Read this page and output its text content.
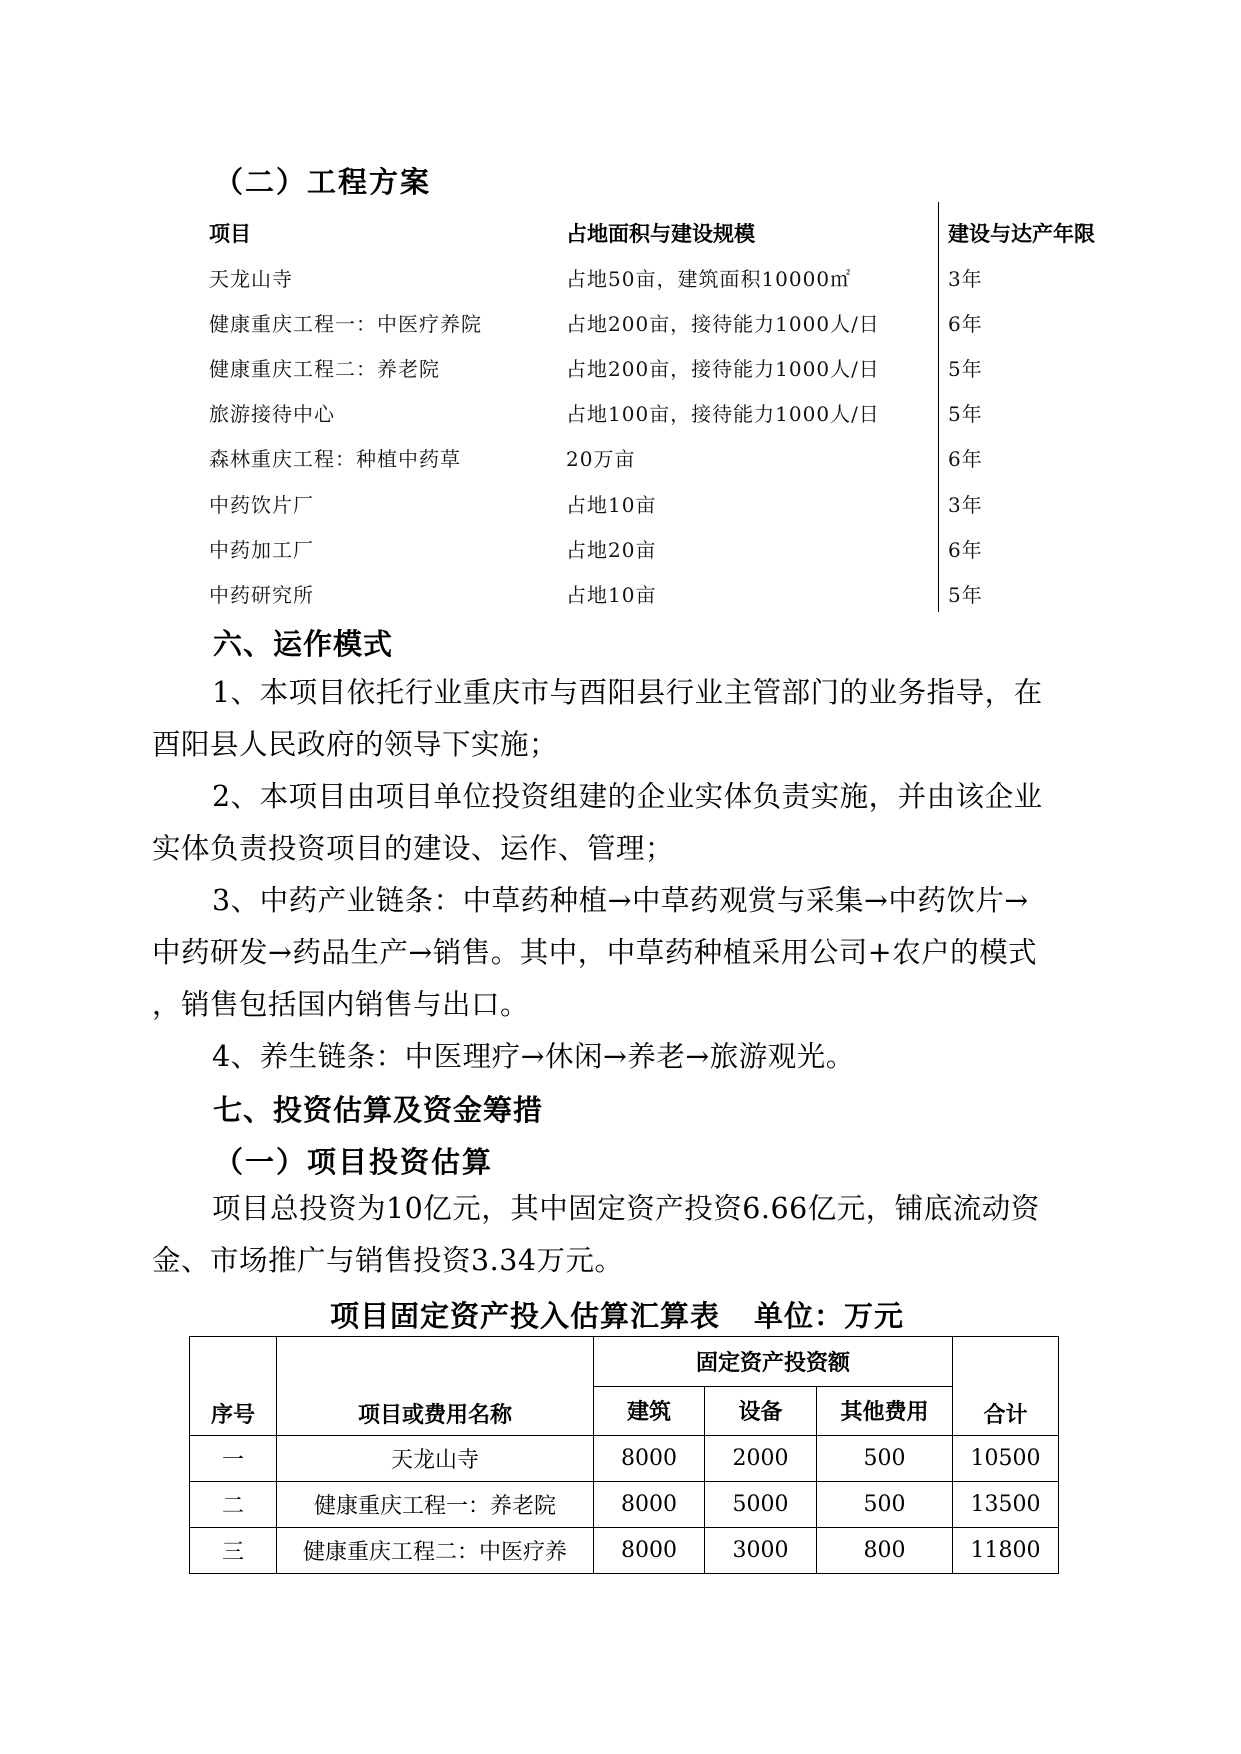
（二）工程方案
项目	占地面积与建设规模	建设与达产年限
天龙山寺	占地50亩，建筑面积10000㎡	3年
健康重庆工程一：中医疗养院	占地200亩，接待能力1000人/日	6年
健康重庆工程二：养老院	占地200亩，接待能力1000人/日	5年
旅游接待中心	占地100亩，接待能力1000人/日	5年
森林重庆工程：种植中药草	20万亩	6年
中药饮片厂	占地10亩	3年
中药加工厂	占地20亩	6年
中药研究所	占地10亩	5年
六、运作模式
1、本项目依托行业重庆市与酉阳县行业主管部门的业务指导，在
酉阳县人民政府的领导下实施；
2、本项目由项目单位投资组建的企业实体负责实施，并由该企业
实体负责投资项目的建设、运作、管理；
3、中药产业链条：中草药种植→中草药观赏与采集→中药饮片→
中药研发→药品生产→销售。其中，中草药种植采用公司+农户的模式
，销售包括国内销售与出口。
4、养生链条：中医理疗→休闲→养老→旅游观光。
七、投资估算及资金筹措
（一）项目投资估算
项目总投资为10亿元，其中固定资产投资6.66亿元，铺底流动资
金、市场推广与销售投资3.34万元。
项目固定资产投入估算汇算表 单位：万元
序号	项目或费用名称	固定资产投资额			合计
		建筑	设备	其他费用	
一	天龙山寺	8000	2000	500	10500
二	健康重庆工程一：养老院	8000	5000	500	13500
三	健康重庆工程二：中医疗养	8000	3000	800	11800
